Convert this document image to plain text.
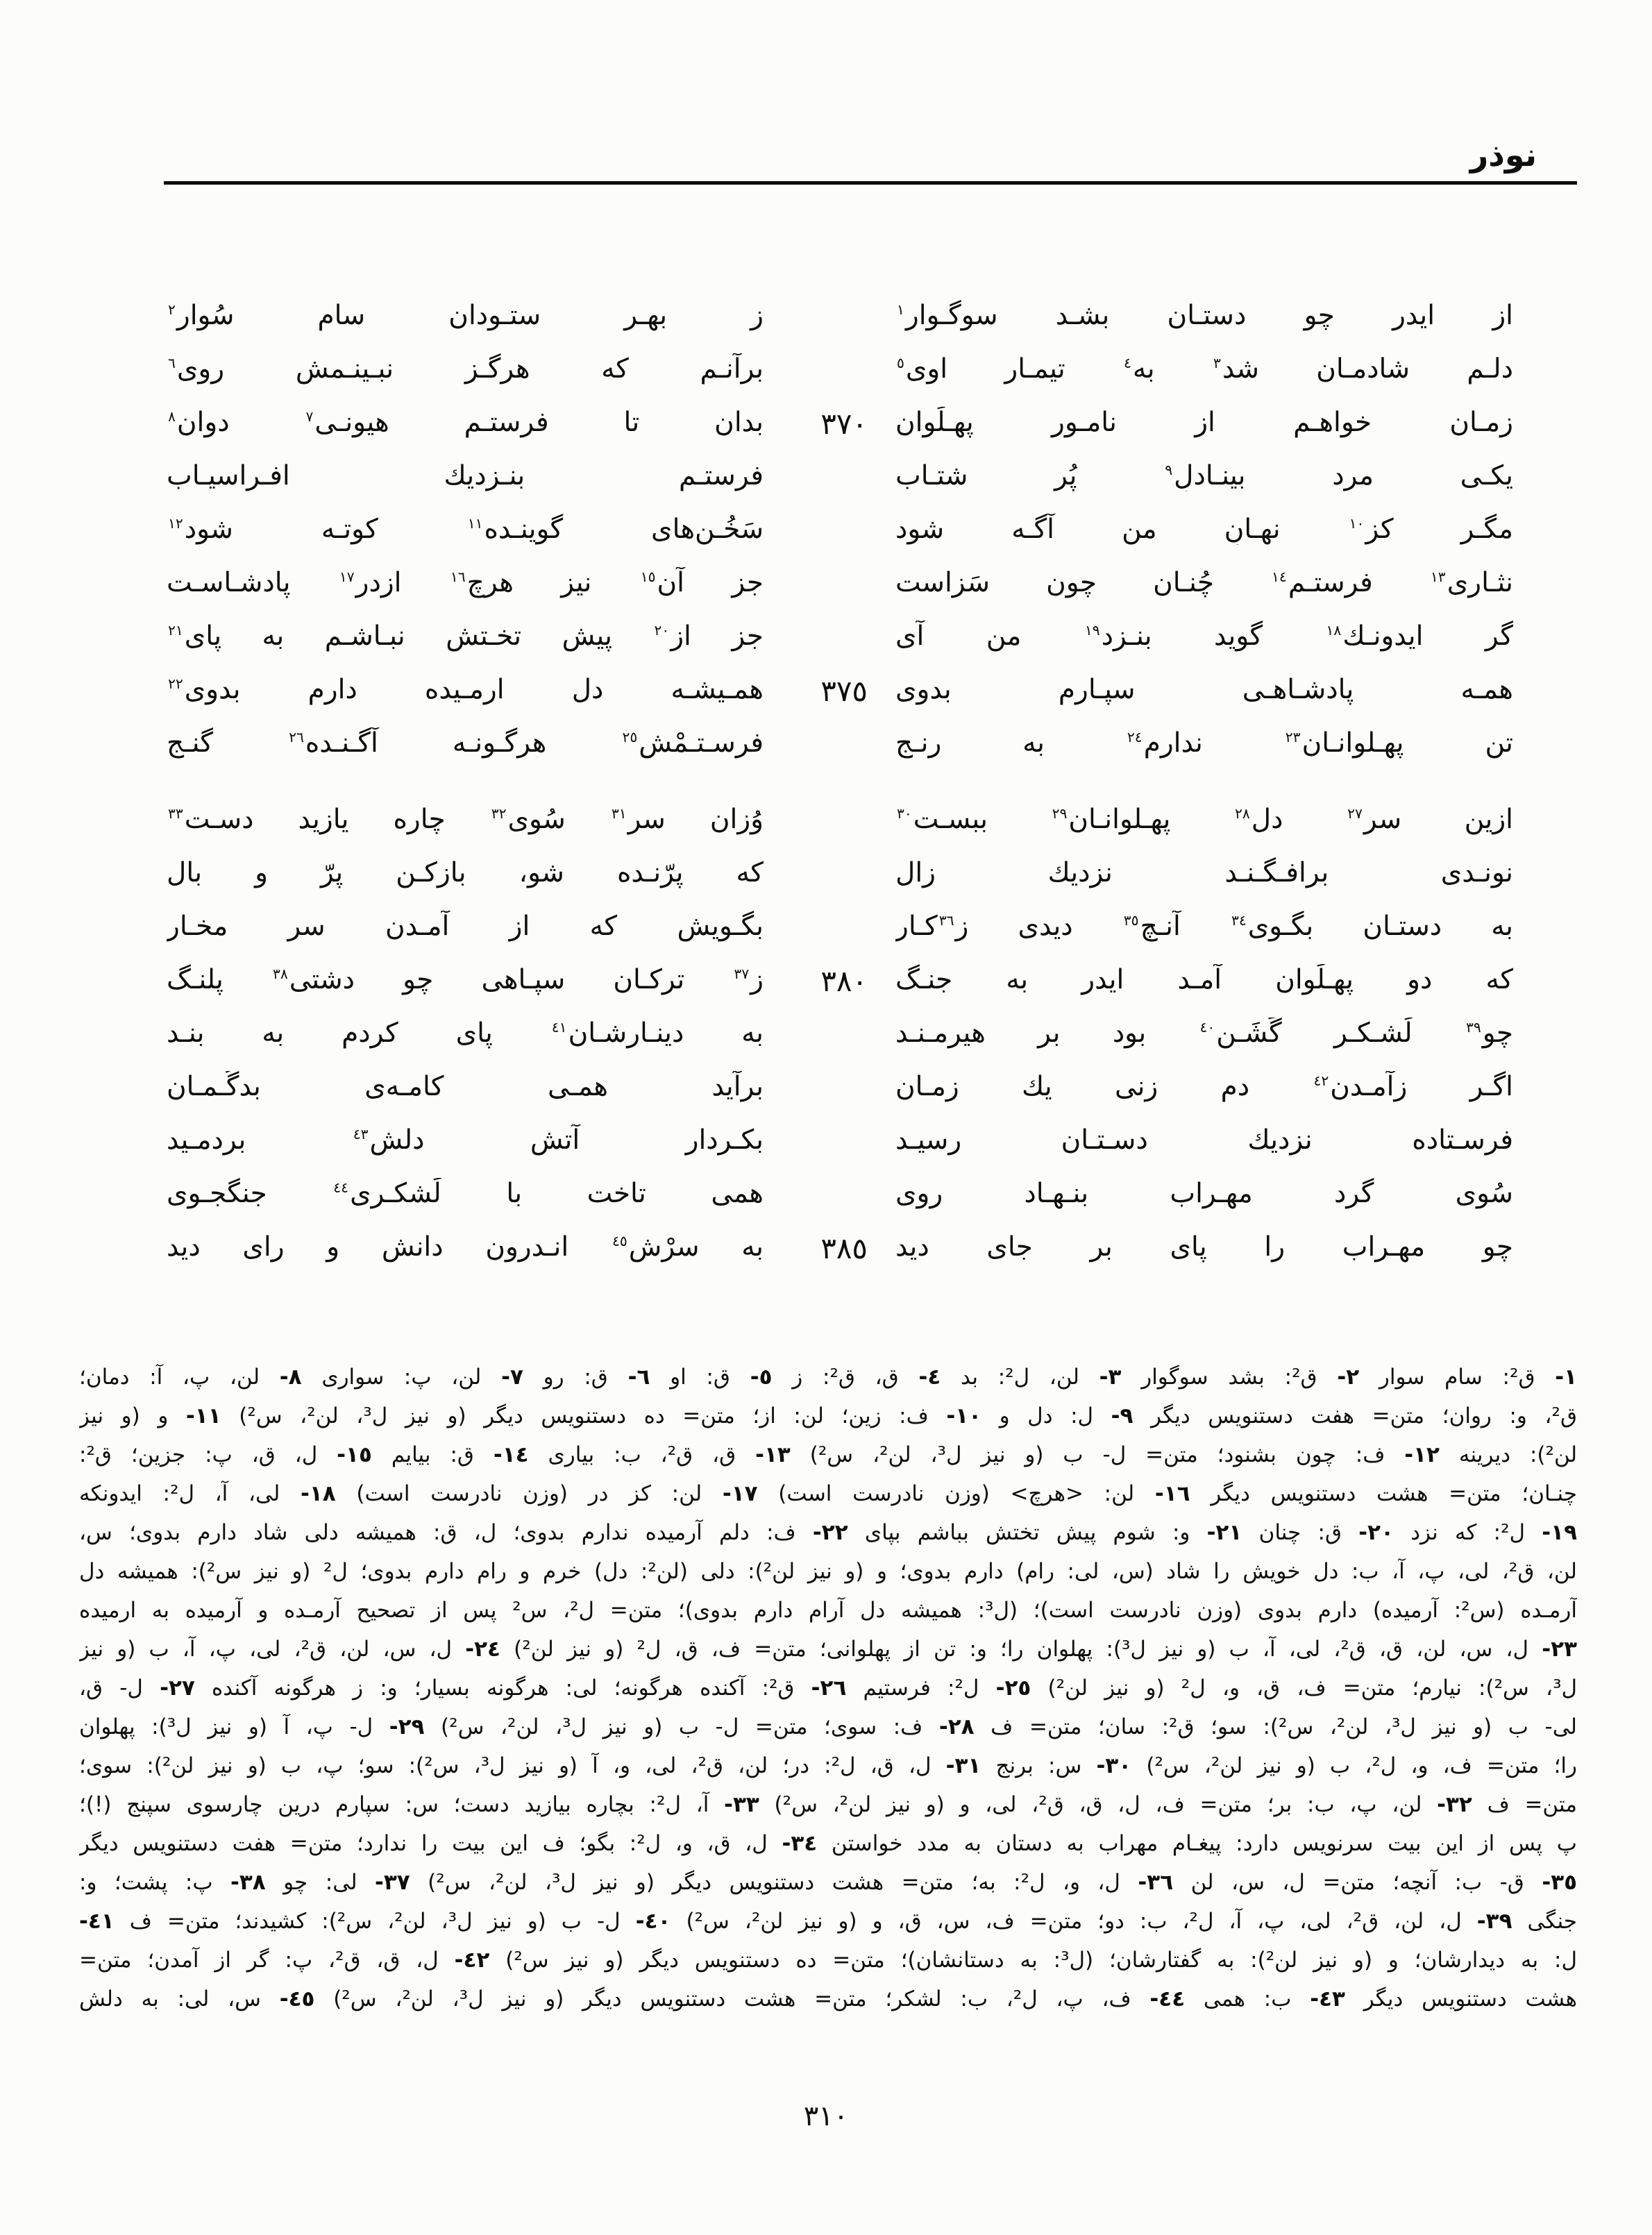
نوذر
از ايدر چو دستـان بشـد سوگـوار$^١$
ز بهـر ستـودان سام سُوار$^٢$
دلـم شادمـان شد$^٣$ به$^٤$ تيمـار اوى$^٥$
برآنـم كه هرگـز نبـينـمش روى$^٦$
زمـان خواهـم از نامـور پهـلَوان
٣٧٠
بدان تا فرستـم هيونـى$^٧$ دوان$^٨$
يكـى مرد بينـادلِ$^٩$ پُر شتـاب
فرستـم بنـزديك افـراسيـاب
مگـر كز$^{١٠}$ نهـانِ من آگـه شود
سَخُـن‌هاى گوينـده$^{١١}$ كوتـه شود$^{١٢}$
نثـارى$^{١٣}$ فرستـم$^{١٤}$ چُنـان چون سَزاست
جز آن$^{١٥}$ نيز هرچ$^{١٦}$ ازدرِ$^{١٧}$ پادشـاسـت
گر ايدونـك$^{١٨}$ گويد بنـزد$^{١٩}$ من آى
جز از$^{٢٠}$ پيش تخـتش نبـاشـم به پاى$^{٢١}$
همـه پادشـاهـى سپـارم بدوى
٣٧٥
همـيشـه دل ارمـيده دارم بدوى$^{٢٢}$
تن پهـلوانـان$^{٢٣}$ ندارم$^{٢٤}$ به رنـج
فرسـتـمْش$^{٢٥}$ هرگـونـه آگـنـده$^{٢٦}$ گنـج
ازين سر$^{٢٧}$ دل$^{٢٨}$ پهـلوانـان$^{٢٩}$ ببسـت$^{٣٠}$
وُزان سر$^{٣١}$ سُوى$^{٣٢}$ چاره يازيد دسـت$^{٣٣}$
نونـدى برافـگـنـد نزديك زال
كه پرّنـده شو، بازكـن پرّ و بال
به دستـان بگـوى$^{٣٤}$ آنـچ$^{٣٥}$ ديدى ز$^{٣٦}$كـار
بگـويش كه از آمـدن سر مخـار
كه دو پهـلَوان آمـد ايدر به جنـگ
٣٨٠
ز$^{٣٧}$ تركـان سپـاهى چو دشتى$^{٣٨}$ پلنـگ
چو$^{٣٩}$ لَشـكـر گَشَـن$^{٤٠}$ بود بر هيرمـنـد
به دينـارشـان$^{٤١}$ پاى كردم به بنـد
اگـر زآمـدن$^{٤٢}$ دم زنى يك زمـان
برآيد همـى كامـه‌ى بدگُـمـان
فرسـتاده نزديك دسـتـان رسيـد
بكـردار آتش دلش$^{٤٣}$ بردمـيد
سُوى گرد مهـراب بنـهـاد روى
همى تاخت با لَشكـرى$^{٤٤}$ جنگجـوى
چو مهـراب را پاى بر جاى ديد
٣٨٥
به سرْش$^{٤٥}$ انـدرون دانش و راى ديد
١- ق²: سام سوار ٢- ق²: بشد سوگوار ٣- لن، ل²: بد ٤- ق، ق²: ز ٥- ق: او ٦- ق: رو ٧- لن، پ: سوارى ٨- لن، پ، آ: دمان؛
ق²، و: روان؛ متن= هفت دستنويس ديگر ٩- ل: دل و ١٠- ف: زين؛ لن: از؛ متن= ده دستنويس ديگر (و نيز ل³، لن²، س²) ١١- و (و نيز
لن²): ديرينه ١٢- ف: چون بشنود؛ متن= ل- ب (و نيز ل³، لن²، س²) ١٣- ق، ق²، ب: بيارى ١٤- ق: بيايم ١٥- ل، ق، پ: جزين؛ ق²:
چنـان؛ متن= هشت دستنويس ديگر ١٦- لن: <هرچ> (وزن نادرست است) ١٧- لن: كز در (وزن نادرست است) ١٨- لى، آ، ل²: ايدونكه
١٩- ل²: كه نزد ٢٠- ق: چنان ٢١- و: شوم پيش تختش بباشم بپاى ٢٢- ف: دلم آرميده ندارم بدوى؛ ل، ق: هميشه دلى شاد دارم بدوى؛ س،
لن، ق²، لى، پ، آ، ب: دل خويش را شاد (س، لى: رام) دارم بدوى؛ و (و نيز لن²): دلى (لن²: دل) خرم و رام دارم بدوى؛ ل² (و نيز س²): هميشه دل
آرمـده (س²: آرميده) دارم بدوى (وزن نادرست است)؛ (ل³: هميشه دل آرام دارم بدوى)؛ متن= ل²، س² پس از تصحيح آرمـده و آرميده به ارميده
٢٣- ل، س، لن، ق، ق²، لى، آ، ب (و نيز ل³): پهلوان را؛ و: تن از پهلوانى؛ متن= ف، ق، ل² (و نيز لن²) ٢٤- ل، س، لن، ق²، لى، پ، آ، ب (و نيز
ل³، س²): نيارم؛ متن= ف، ق، و، ل² (و نيز لن²) ٢٥- ل²: فرستيم ٢٦- ق²: آكنده هرگونه؛ لى: هرگونه بسيار؛ و: ز هرگونه آكنده ٢٧- ل- ق،
لى- ب (و نيز ل³، لن²، س²): سو؛ ق²: سان؛ متن= ف ٢٨- ف: سوى؛ متن= ل- ب (و نيز ل³، لن²، س²) ٢٩- ل- پ، آ (و نيز ل³): پهلوان
را؛ متن= ف، و، ل²، ب (و نيز لن²، س²) ٣٠- س: برنج ٣١- ل، ق، ل²: در؛ لن، ق²، لى، و، آ (و نيز ل³، س²): سو؛ پ، ب (و نيز لن²): سوى؛
متن= ف ٣٢- لن، پ، ب: بر؛ متن= ف، ل، ق، ق²، لى، و (و نيز لن²، س²) ٣٣- آ، ل²: بچاره بيازيد دست؛ س: سپارم درين چارسوى سپنج (!)؛
پ پس از اين بيت سرنويس دارد: پيغـام مهراب به دستان به مدد خواستن ٣٤- ل، ق، و، ل²: بگو؛ ف اين بيت را ندارد؛ متن= هفت دستنويس ديگر
٣٥- ق- ب: آنچه؛ متن= ل، س، لن ٣٦- ل، و، ل²: به؛ متن= هشت دستنويس ديگر (و نيز ل³، لن²، س²) ٣٧- لى: چو ٣٨- پ: پشت؛ و:
جنگى ٣٩- ل، لن، ق²، لى، پ، آ، ل²، ب: دو؛ متن= ف، س، ق، و (و نيز لن²، س²) ٤٠- ل- ب (و نيز ل³، لن²، س²): كشيدند؛ متن= ف ٤١-
ل: به ديدارشان؛ و (و نيز لن²): به گفتارشان؛ (ل³: به دستانشان)؛ متن= ده دستنويس ديگر (و نيز س²) ٤٢- ل، ق، ق²، پ: گر از آمدن؛ متن=
هشت دستنويس ديگر ٤٣- ب: همى ٤٤- ف، پ، ل²، ب: لشكر؛ متن= هشت دستنويس ديگر (و نيز ل³، لن²، س²) ٤٥- س، لى: به دلش
٣١٠
